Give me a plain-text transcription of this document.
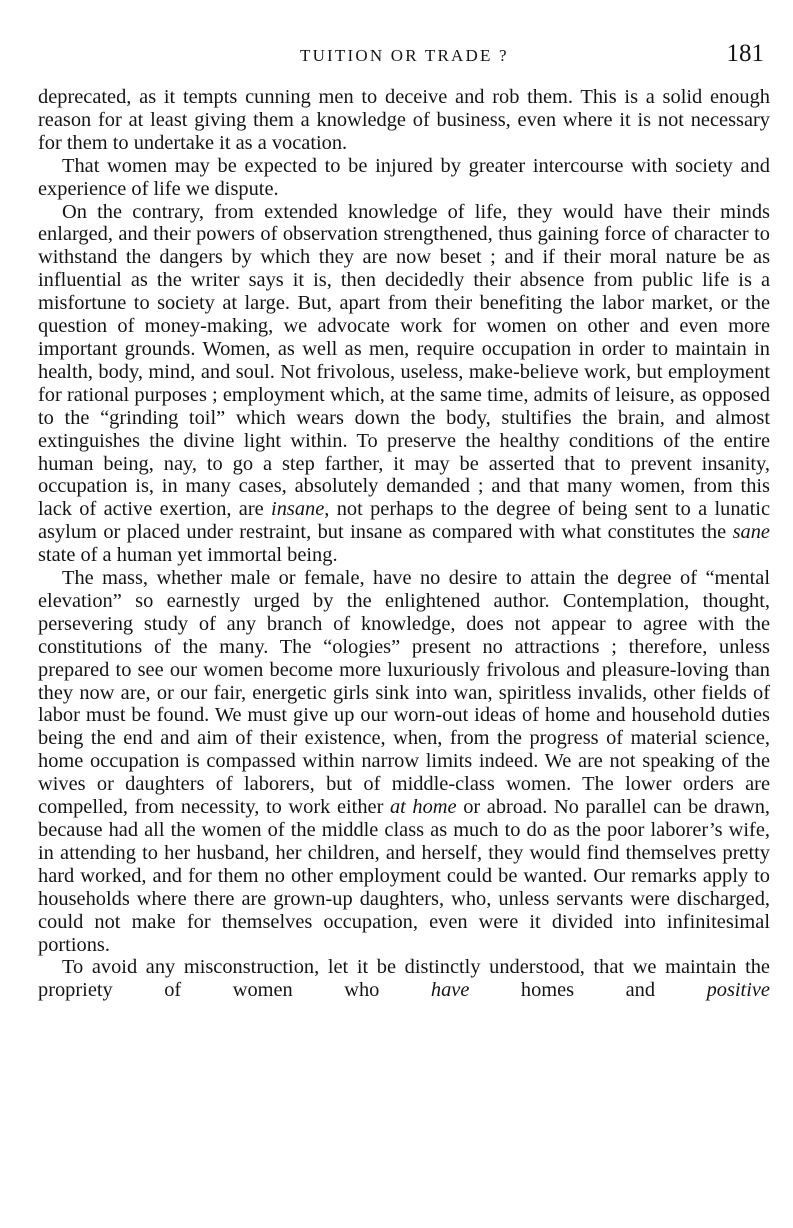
TUITION OR TRADE ?	181

deprecated, as it tempts cunning men to deceive and rob them. This is a solid enough reason for at least giving them a knowledge of business, even where it is not necessary for them to undertake it as a vocation.

That women may be expected to be injured by greater intercourse with society and experience of life we dispute.

On the contrary, from extended knowledge of life, they would have their minds enlarged, and their powers of observation strengthened, thus gaining force of character to withstand the dangers by which they are now beset ; and if their moral nature be as influential as the writer says it is, then decidedly their absence from public life is a misfortune to society at large. But, apart from their benefiting the labor market, or the question of money-making, we advocate work for women on other and even more important grounds. Women, as well as men, require occupation in order to maintain in health, body, mind, and soul. Not frivolous, useless, make-believe work, but employment for rational purposes ; employment which, at the same time, admits of leisure, as opposed to the “grinding toil” which wears down the body, stultifies the brain, and almost extinguishes the divine light within. To preserve the healthy conditions of the entire human being, nay, to go a step farther, it may be asserted that to prevent insanity, occupation is, in many cases, absolutely demanded ; and that many women, from this lack of active exertion, are insane, not perhaps to the degree of being sent to a lunatic asylum or placed under restraint, but insane as compared with what constitutes the sane state of a human yet immortal being.

The mass, whether male or female, have no desire to attain the degree of “mental elevation” so earnestly urged by the enlightened author. Contemplation, thought, persevering study of any branch of knowledge, does not appear to agree with the constitutions of the many. The “ologies” present no attractions ; therefore, unless prepared to see our women become more luxuriously frivolous and pleasure-loving than they now are, or our fair, energetic girls sink into wan, spiritless invalids, other fields of labor must be found. We must give up our worn-out ideas of home and household duties being the end and aim of their existence, when, from the progress of material science, home occupation is compassed within narrow limits indeed. We are not speaking of the wives or daughters of laborers, but of middle-class women. The lower orders are compelled, from necessity, to work either at home or abroad. No parallel can be drawn, because had all the women of the middle class as much to do as the poor laborer’s wife, in attending to her husband, her children, and herself, they would find themselves pretty hard worked, and for them no other employment could be wanted. Our remarks apply to households where there are grown-up daughters, who, unless servants were discharged, could not make for themselves occupation, even were it divided into infinitesimal portions.

To avoid any misconstruction, let it be distinctly understood, that we maintain the propriety of women who have homes and positive
